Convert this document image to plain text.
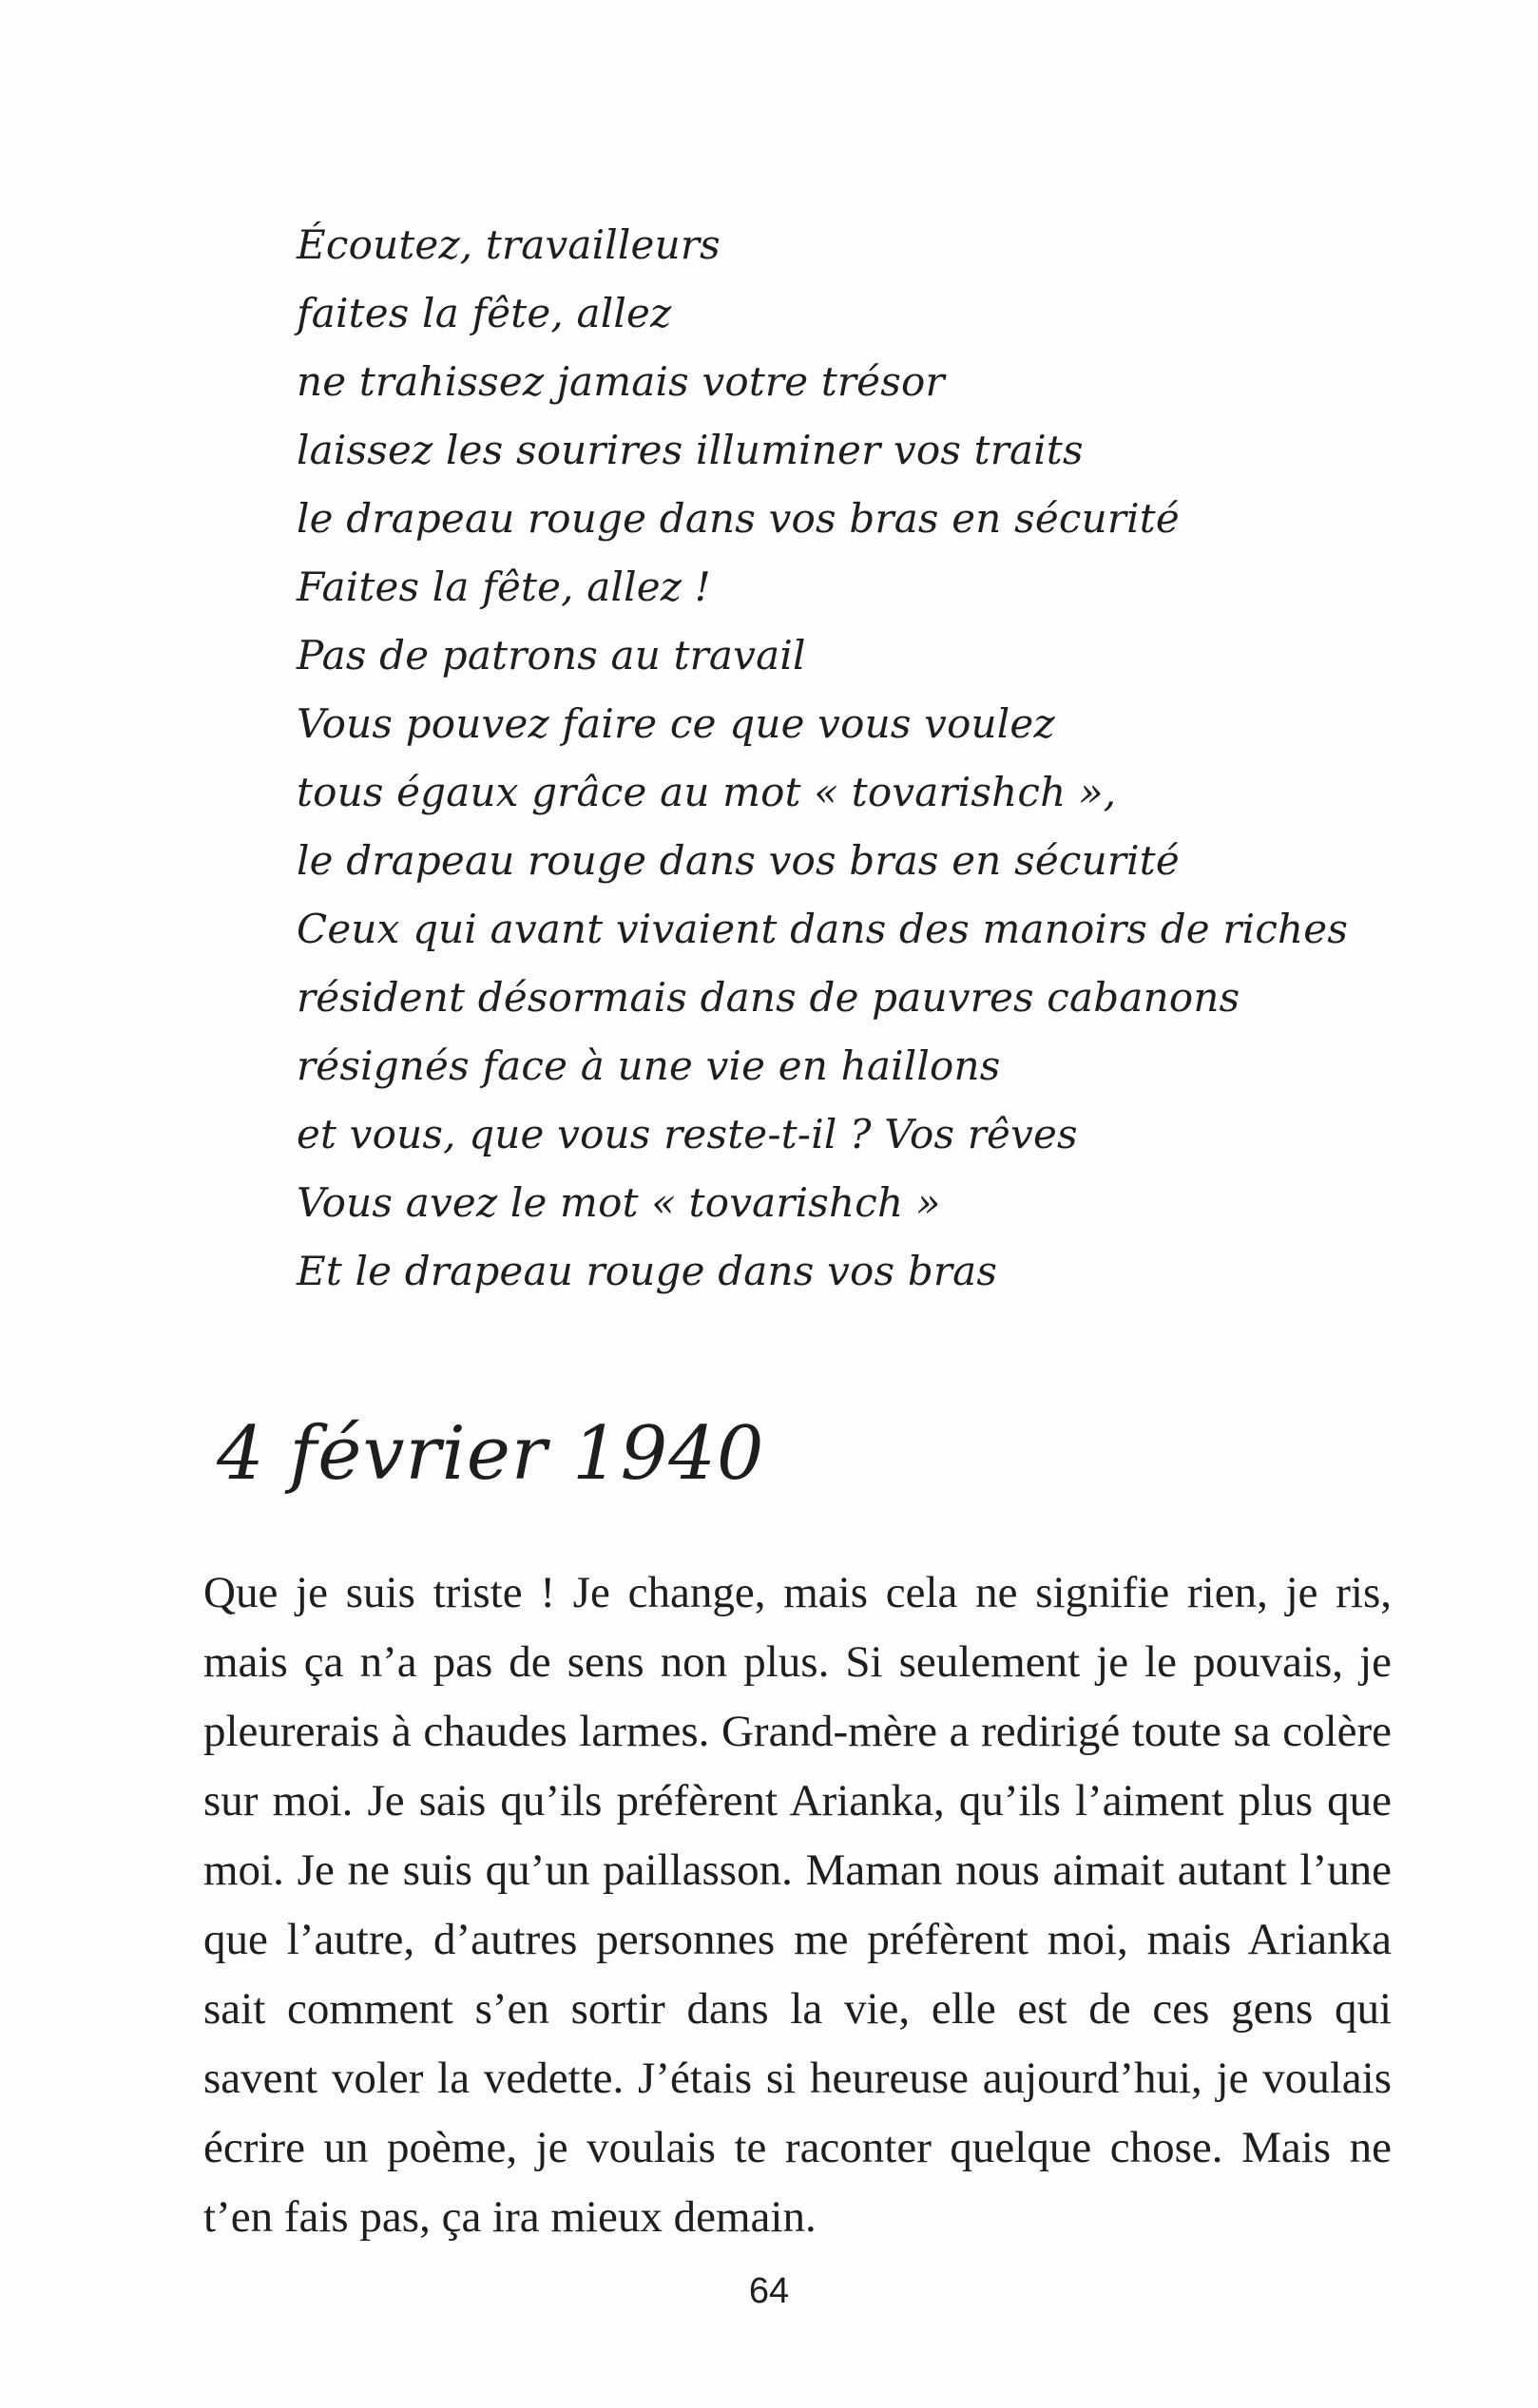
Écoutez, travailleurs
faites la fête, allez
ne trahissez jamais votre trésor
laissez les sourires illuminer vos traits
le drapeau rouge dans vos bras en sécurité
Faites la fête, allez !
Pas de patrons au travail
Vous pouvez faire ce que vous voulez
tous égaux grâce au mot « tovarishch »,
le drapeau rouge dans vos bras en sécurité
Ceux qui avant vivaient dans des manoirs de riches
résident désormais dans de pauvres cabanons
résignés face à une vie en haillons
et vous, que vous reste-t-il ? Vos rêves
Vous avez le mot « tovarishch »
Et le drapeau rouge dans vos bras
4 février 1940

Que je suis triste ! Je change, mais cela ne signifie rien, je ris, mais ça n’a pas de sens non plus. Si seulement je le pouvais, je pleurerais à chaudes larmes. Grand-mère a redirigé toute sa colère sur moi. Je sais qu’ils préfèrent Arianka, qu’ils l’aiment plus que moi. Je ne suis qu’un paillasson. Maman nous aimait autant l’une que l’autre, d’autres personnes me préfèrent moi, mais Arianka sait comment s’en sortir dans la vie, elle est de ces gens qui savent voler la vedette. J’étais si heureuse aujourd’hui, je voulais écrire un poème, je voulais te raconter quelque chose. Mais ne t’en fais pas, ça ira mieux demain.

64
